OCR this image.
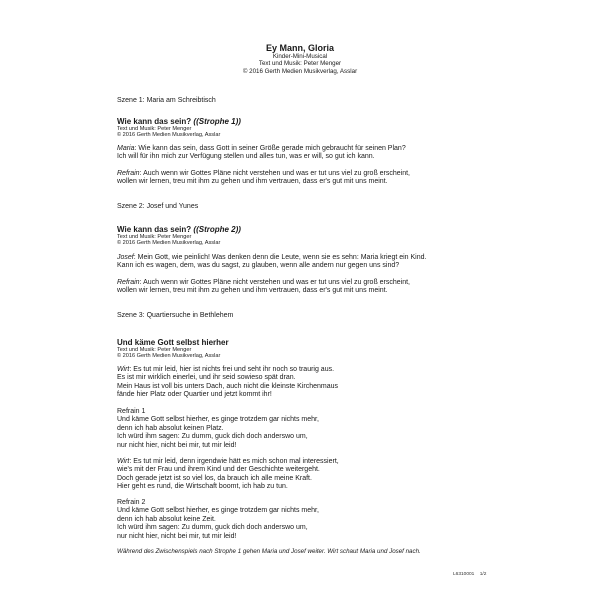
Ey Mann, Gloria
Kinder-Mini-Musical
Text und Musik: Peter Menger
© 2016 Gerth Medien Musikverlag, Asslar
Szene 1: Maria am Schreibtisch
Wie kann das sein? ((Strophe 1))
Text und Musik: Peter Menger
© 2016 Gerth Medien Musikverlag, Asslar
Maria: Wie kann das sein, dass Gott in seiner Größe gerade mich gebraucht für seinen Plan?
Ich will für ihn mich zur Verfügung stellen und alles tun, was er will, so gut ich kann.
Refrain: Auch wenn wir Gottes Pläne nicht verstehen und was er tut uns viel zu groß erscheint,
wollen wir lernen, treu mit ihm zu gehen und ihm vertrauen, dass er's gut mit uns meint.
Szene 2: Josef und Yunes
Wie kann das sein? ((Strophe 2))
Text und Musik: Peter Menger
© 2016 Gerth Medien Musikverlag, Asslar
Josef: Mein Gott, wie peinlich! Was denken denn die Leute, wenn sie es sehn: Maria kriegt ein Kind.
Kann ich es wagen, dem, was du sagst, zu glauben, wenn alle andern nur gegen uns sind?
Refrain: Auch wenn wir Gottes Pläne nicht verstehen und was er tut uns viel zu groß erscheint,
wollen wir lernen, treu mit ihm zu gehen und ihm vertrauen, dass er's gut mit uns meint.
Szene 3: Quartiersuche in Bethlehem
Und käme Gott selbst hierher
Text und Musik: Peter Menger
© 2016 Gerth Medien Musikverlag, Asslar
Wirt: Es tut mir leid, hier ist nichts frei und seht ihr noch so traurig aus.
Es ist mir wirklich einerlei, und ihr seid sowieso spät dran.
Mein Haus ist voll bis unters Dach, auch nicht die kleinste Kirchenmaus
fände hier Platz oder Quartier und jetzt kommt ihr!
Refrain 1
Und käme Gott selbst hierher, es ginge trotzdem gar nichts mehr,
denn ich hab absolut keinen Platz.
Ich würd ihm sagen: Zu dumm, guck dich doch anderswo um,
nur nicht hier, nicht bei mir, tut mir leid!
Wirt: Es tut mir leid, denn irgendwie hätt es mich schon mal interessiert,
wie's mit der Frau und ihrem Kind und der Geschichte weitergeht.
Doch gerade jetzt ist so viel los, da brauch ich alle meine Kraft.
Hier geht es rund, die Wirtschaft boomt, ich hab zu tun.
Refrain 2
Und käme Gott selbst hierher, es ginge trotzdem gar nichts mehr,
denn ich hab absolut keine Zeit.
Ich würd ihm sagen: Zu dumm, guck dich doch anderswo um,
nur nicht hier, nicht bei mir, tut mir leid!
Während des Zwischenspiels nach Strophe 1 gehen Maria und Josef weiter. Wirt schaut Maria und Josef nach.
L6310001 1/2
